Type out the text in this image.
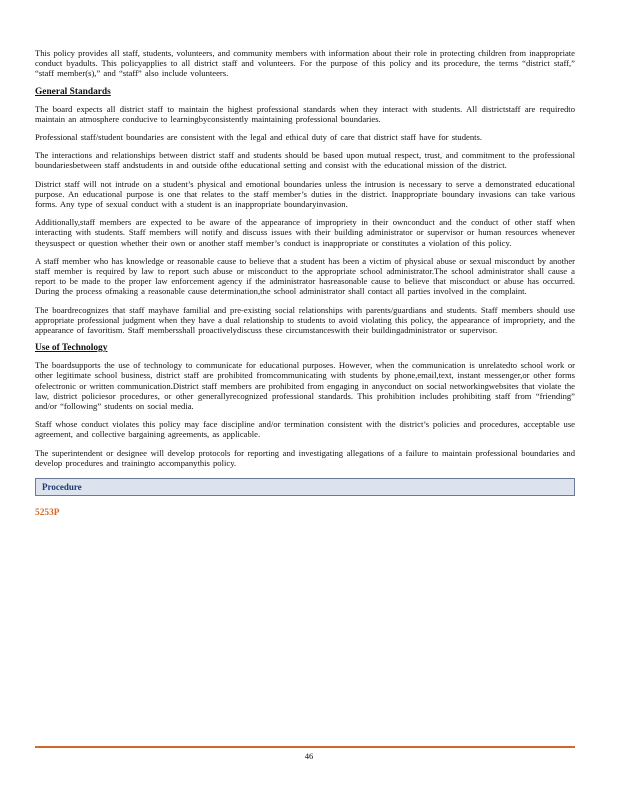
This policy provides all staff, students, volunteers, and community members with information about their role in protecting children from inappropriate conduct byadults. This policyapplies to all district staff and volunteers. For the purpose of this policy and its procedure, the terms “district staff,” “staff member(s),” and “staff” also include volunteers.

General Standards

The board expects all district staff to maintain the highest professional standards when they interact with students. All districtstaff are requiredto maintain an atmosphere conducive to learningbyconsistently maintaining professional boundaries.

Professional staff/student boundaries are consistent with the legal and ethical duty of care that district staff have for students.

The interactions and relationships between district staff and students should be based upon mutual respect, trust, and commitment to the professional boundariesbetween staff andstudents in and outside ofthe educational setting and consist with the educational mission of the district.

District staff will not intrude on a student’s physical and emotional boundaries unless the intrusion is necessary to serve a demonstrated educational purpose. An educational purpose is one that relates to the staff member’s duties in the district. Inappropriate boundary invasions can take various forms. Any type of sexual conduct with a student is an inappropriate boundaryinvasion.

Additionally,staff members are expected to be aware of the appearance of impropriety in their ownconduct and the conduct of other staff when interacting with students. Staff members will notify and discuss issues with their building administrator or supervisor or human resources whenever theysuspect or question whether their own or another staff member’s conduct is inappropriate or constitutes a violation of this policy.

A staff member who has knowledge or reasonable cause to believe that a student has been a victim of physical abuse or sexual misconduct by another staff member is required by law to report such abuse or misconduct to the appropriate school administrator.The school administrator shall cause a report to be made to the proper law enforcement agency if the administrator hasreasonable cause to believe that misconduct or abuse has occurred. During the process ofmaking a reasonable cause determination,the school administrator shall contact all parties involved in the complaint.

The boardrecognizes that staff mayhave familial and pre-existing social relationships with parents/guardians and students. Staff members should use appropriate professional judgment when they have a dual relationship to students to avoid violating this policy, the appearance of impropriety, and the appearance of favoritism. Staff membersshall proactivelydiscuss these circumstanceswith their buildingadministrator or supervisor.

Use of Technology

The boardsupports the use of technology to communicate for educational purposes. However, when the communication is unrelatedto school work or other legitimate school business, district staff are prohibited fromcommunicating with students by phone,email,text, instant messenger,or other forms ofelectronic or written communication.District staff members are prohibited from engaging in anyconduct on social networkingwebsites that violate the law, district policiesor procedures, or other generallyrecognized professional standards. This prohibition includes prohibiting staff from “friending” and/or “following” students on social media.

Staff whose conduct violates this policy may face discipline and/or termination consistent with the district’s policies and procedures, acceptable use agreement, and collective bargaining agreements, as applicable.

The superintendent or designee will develop protocols for reporting and investigating allegations of a failure to maintain professional boundaries and develop procedures and trainingto accompanythis policy.

Procedure
5253P
46
